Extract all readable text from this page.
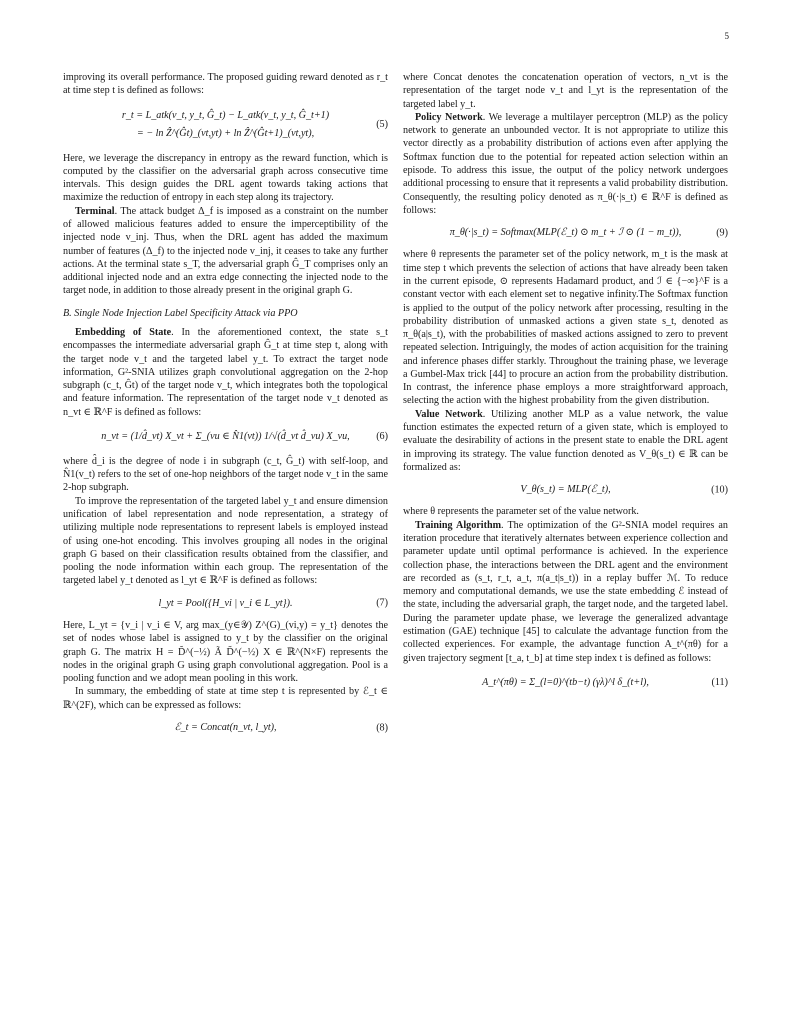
5

improving its overall performance. The proposed guiding reward denoted as r_t at time step t is defined as follows:

r_t = L_atk(v_t, y_t, Ĝ_t) − L_atk(v_t, y_t, Ĝ_t+1)
= − ln Ẑ^(Ĝt)_(vt,yt) + ln Ẑ^(Ĝt+1)_(vt,yt),
(5)

Here, we leverage the discrepancy in entropy as the reward function, which is computed by the classifier on the adversarial graph across consecutive time intervals. This design guides the DRL agent towards taking actions that maximize the reduction of entropy in each step along its trajectory.

Terminal. The attack budget Δ_f is imposed as a constraint on the number of allowed malicious features added to ensure the imperceptibility of the injected node v_inj. Thus, when the DRL agent has added the maximum number of features (Δ_f) to the injected node v_inj, it ceases to take any further actions. At the terminal state s_T, the adversarial graph Ĝ_T comprises only an additional injected node and an extra edge connecting the injected node to the target node, in addition to those already present in the original graph G.

B. Single Node Injection Label Specificity Attack via PPO

Embedding of State. In the aforementioned context, the state s_t encompasses the intermediate adversarial graph Ĝ_t at time step t, along with the target node v_t and the targeted label y_t. To extract the target node information, G²-SNIA utilizes graph convolutional aggregation on the 2-hop subgraph (c_t, Ĝt) of the target node v_t, which integrates both the topological and feature information. The representation of the target node v_t denoted as n_vt ∈ ℝ^F is defined as follows:

n_vt = (1/d̂_vt) X_vt + Σ_(vu ∈ N̂1(vt)) 1/√(d̂_vt d̂_vu) X_vu,	(6)

where d̂_i is the degree of node i in subgraph (c_t, Ĝ_t) with self-loop, and N̂1(v_t) refers to the set of one-hop neighbors of the target node v_t in the same 2-hop subgraph.

To improve the representation of the targeted label y_t and ensure dimension unification of label representation and node representation, a strategy of utilizing multiple node representations to represent labels is employed instead of using one-hot encoding. This involves grouping all nodes in the original graph G based on their classification results obtained from the classifier, and pooling the node information within each group. The representation of the targeted label y_t denoted as l_yt ∈ ℝ^F is defined as follows:

l_yt = Pool({H_vi | v_i ∈ L_yt}).	(7)

Here, L_yt = {v_i | v_i ∈ V, arg max_(y∈𝒴) Z^(G)_(vi,y) = y_t} denotes the set of nodes whose label is assigned to y_t by the classifier on the original graph G. The matrix H = D̃^(−½) Ã D̃^(−½) X ∈ ℝ^(N×F) represents the nodes in the original graph G using graph convolutional aggregation. Pool is a pooling function and we adopt mean pooling in this work.

In summary, the embedding of state at time step t is represented by ℰ_t ∈ ℝ^(2F), which can be expressed as follows:

ℰ_t = Concat(n_vt, l_yt),	(8)

where Concat denotes the concatenation operation of vectors, n_vt is the representation of the target node v_t and l_yt is the representation of the targeted label y_t.

Policy Network. We leverage a multilayer perceptron (MLP) as the policy network to generate an unbounded vector. It is not appropriate to utilize this vector directly as a probability distribution of actions even after applying the Softmax function due to the potential for repeated action selection within an episode. To address this issue, the output of the policy network undergoes additional processing to ensure that it represents a valid probability distribution. Consequently, the resulting policy denoted as π_θ(·|s_t) ∈ ℝ^F is defined as follows:

π_θ(·|s_t) = Softmax(MLP(ℰ_t) ⊙ m_t + ℐ ⊙ (1 − m_t)),	(9)

where θ represents the parameter set of the policy network, m_t is the mask at time step t which prevents the selection of actions that have already been taken in the current episode, ⊙ represents Hadamard product, and ℐ ∈ {−∞}^F is a constant vector with each element set to negative infinity.The Softmax function is applied to the output of the policy network after processing, resulting in the probability distribution of unmasked actions a given state s_t, denoted as π_θ(a|s_t), with the probabilities of masked actions assigned to zero to prevent repeated selection. Intriguingly, the modes of action acquisition for the training and inference phases differ starkly. Throughout the training phase, we leverage a Gumbel-Max trick [44] to procure an action from the probability distribution. In contrast, the inference phase employs a more straightforward approach, selecting the action with the highest probability from the given distribution.

Value Network. Utilizing another MLP as a value network, the value function estimates the expected return of a given state, which is employed to evaluate the desirability of actions in the present state to enable the DRL agent in improving its strategy. The value function denoted as V_θ(s_t) ∈ ℝ can be formalized as:

V_θ(s_t) = MLP(ℰ_t),	(10)

where θ represents the parameter set of the value network.

Training Algorithm. The optimization of the G²-SNIA model requires an iteration procedure that iteratively alternates between experience collection and parameter update until optimal performance is achieved. In the experience collection phase, the interactions between the DRL agent and the environment are recorded as (s_t, r_t, a_t, π(a_t|s_t)) in a replay buffer ℳ. To reduce memory and computational demands, we use the state embedding ℰ instead of the state, including the adversarial graph, the target node, and the targeted label. During the parameter update phase, we leverage the generalized advantage estimation (GAE) technique [45] to calculate the advantage function from the collected experiences. For example, the advantage function A_t^(πθ) for a given trajectory segment [t_a, t_b] at time step index t is defined as follows:

A_t^(πθ) = Σ_(l=0)^(tb−t) (γλ)^l δ_(t+l),	(11)
